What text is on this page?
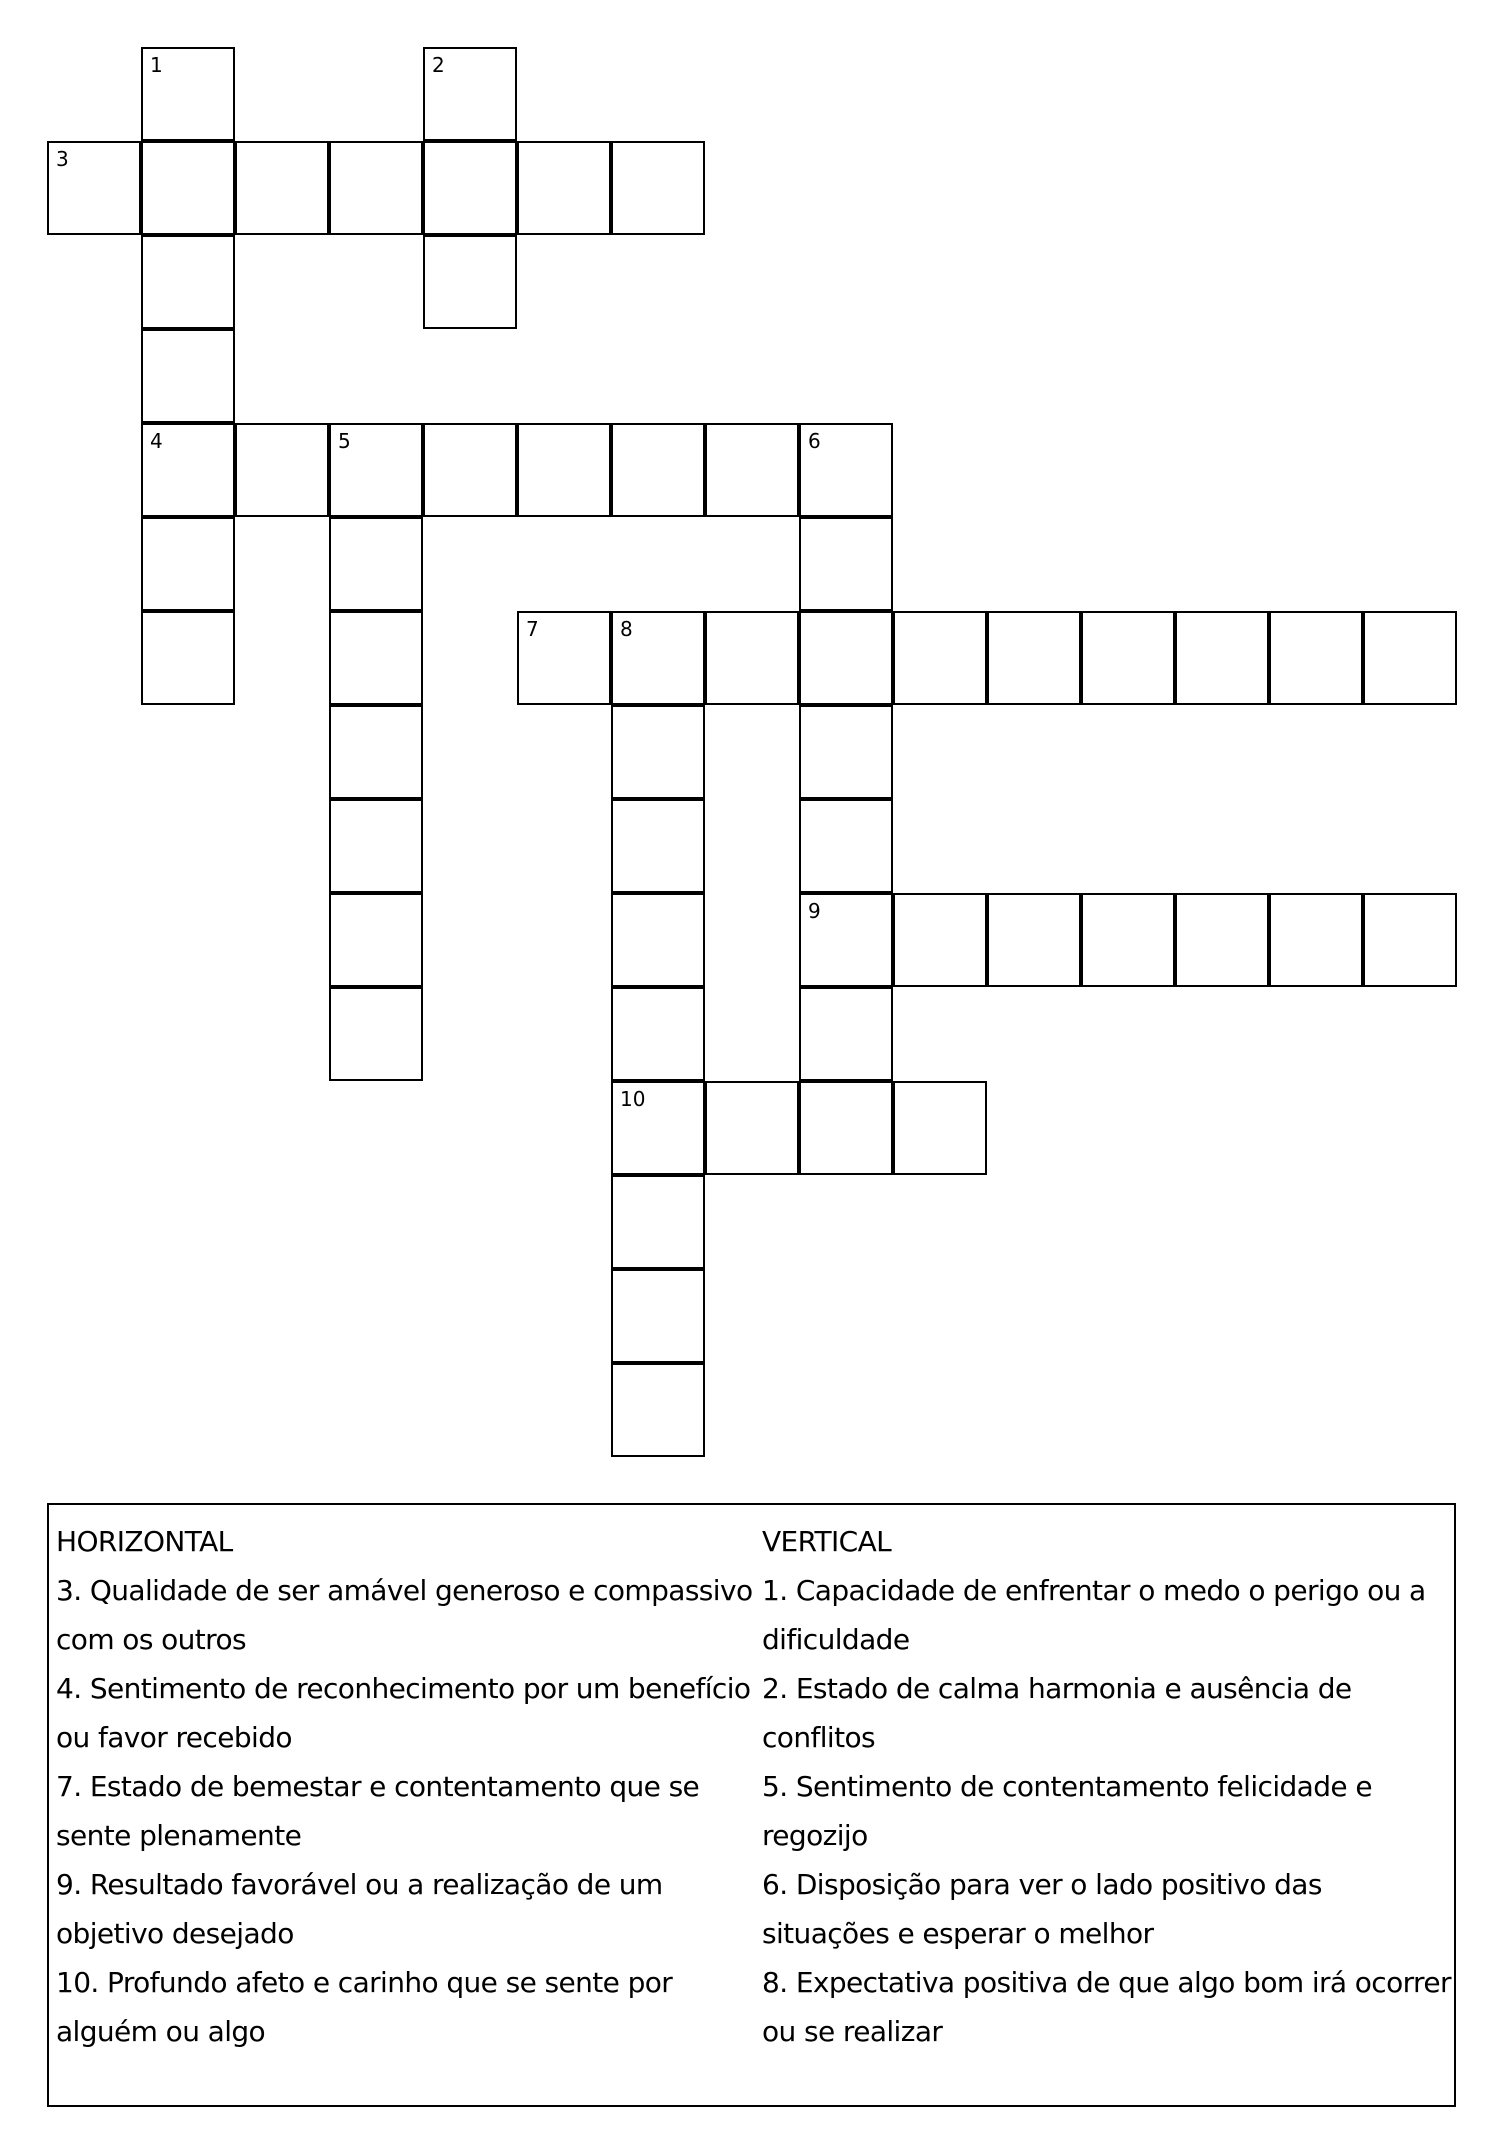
1	2
3
4	5	6
7	8
9
10

HORIZONTAL

3. Qualidade de ser amável generoso e compassivo com os outros

4. Sentimento de reconhecimento por um benefício ou favor recebido

7. Estado de bemestar e contentamento que se sente plenamente

9. Resultado favorável ou a realização de um objetivo desejado

10. Profundo afeto e carinho que se sente por alguém ou algo

VERTICAL

1. Capacidade de enfrentar o medo o perigo ou a dificuldade

2. Estado de calma harmonia e ausência de conflitos

5. Sentimento de contentamento felicidade e regozijo

6. Disposição para ver o lado positivo das situações e esperar o melhor

8. Expectativa positiva de que algo bom irá ocorrer ou se realizar
